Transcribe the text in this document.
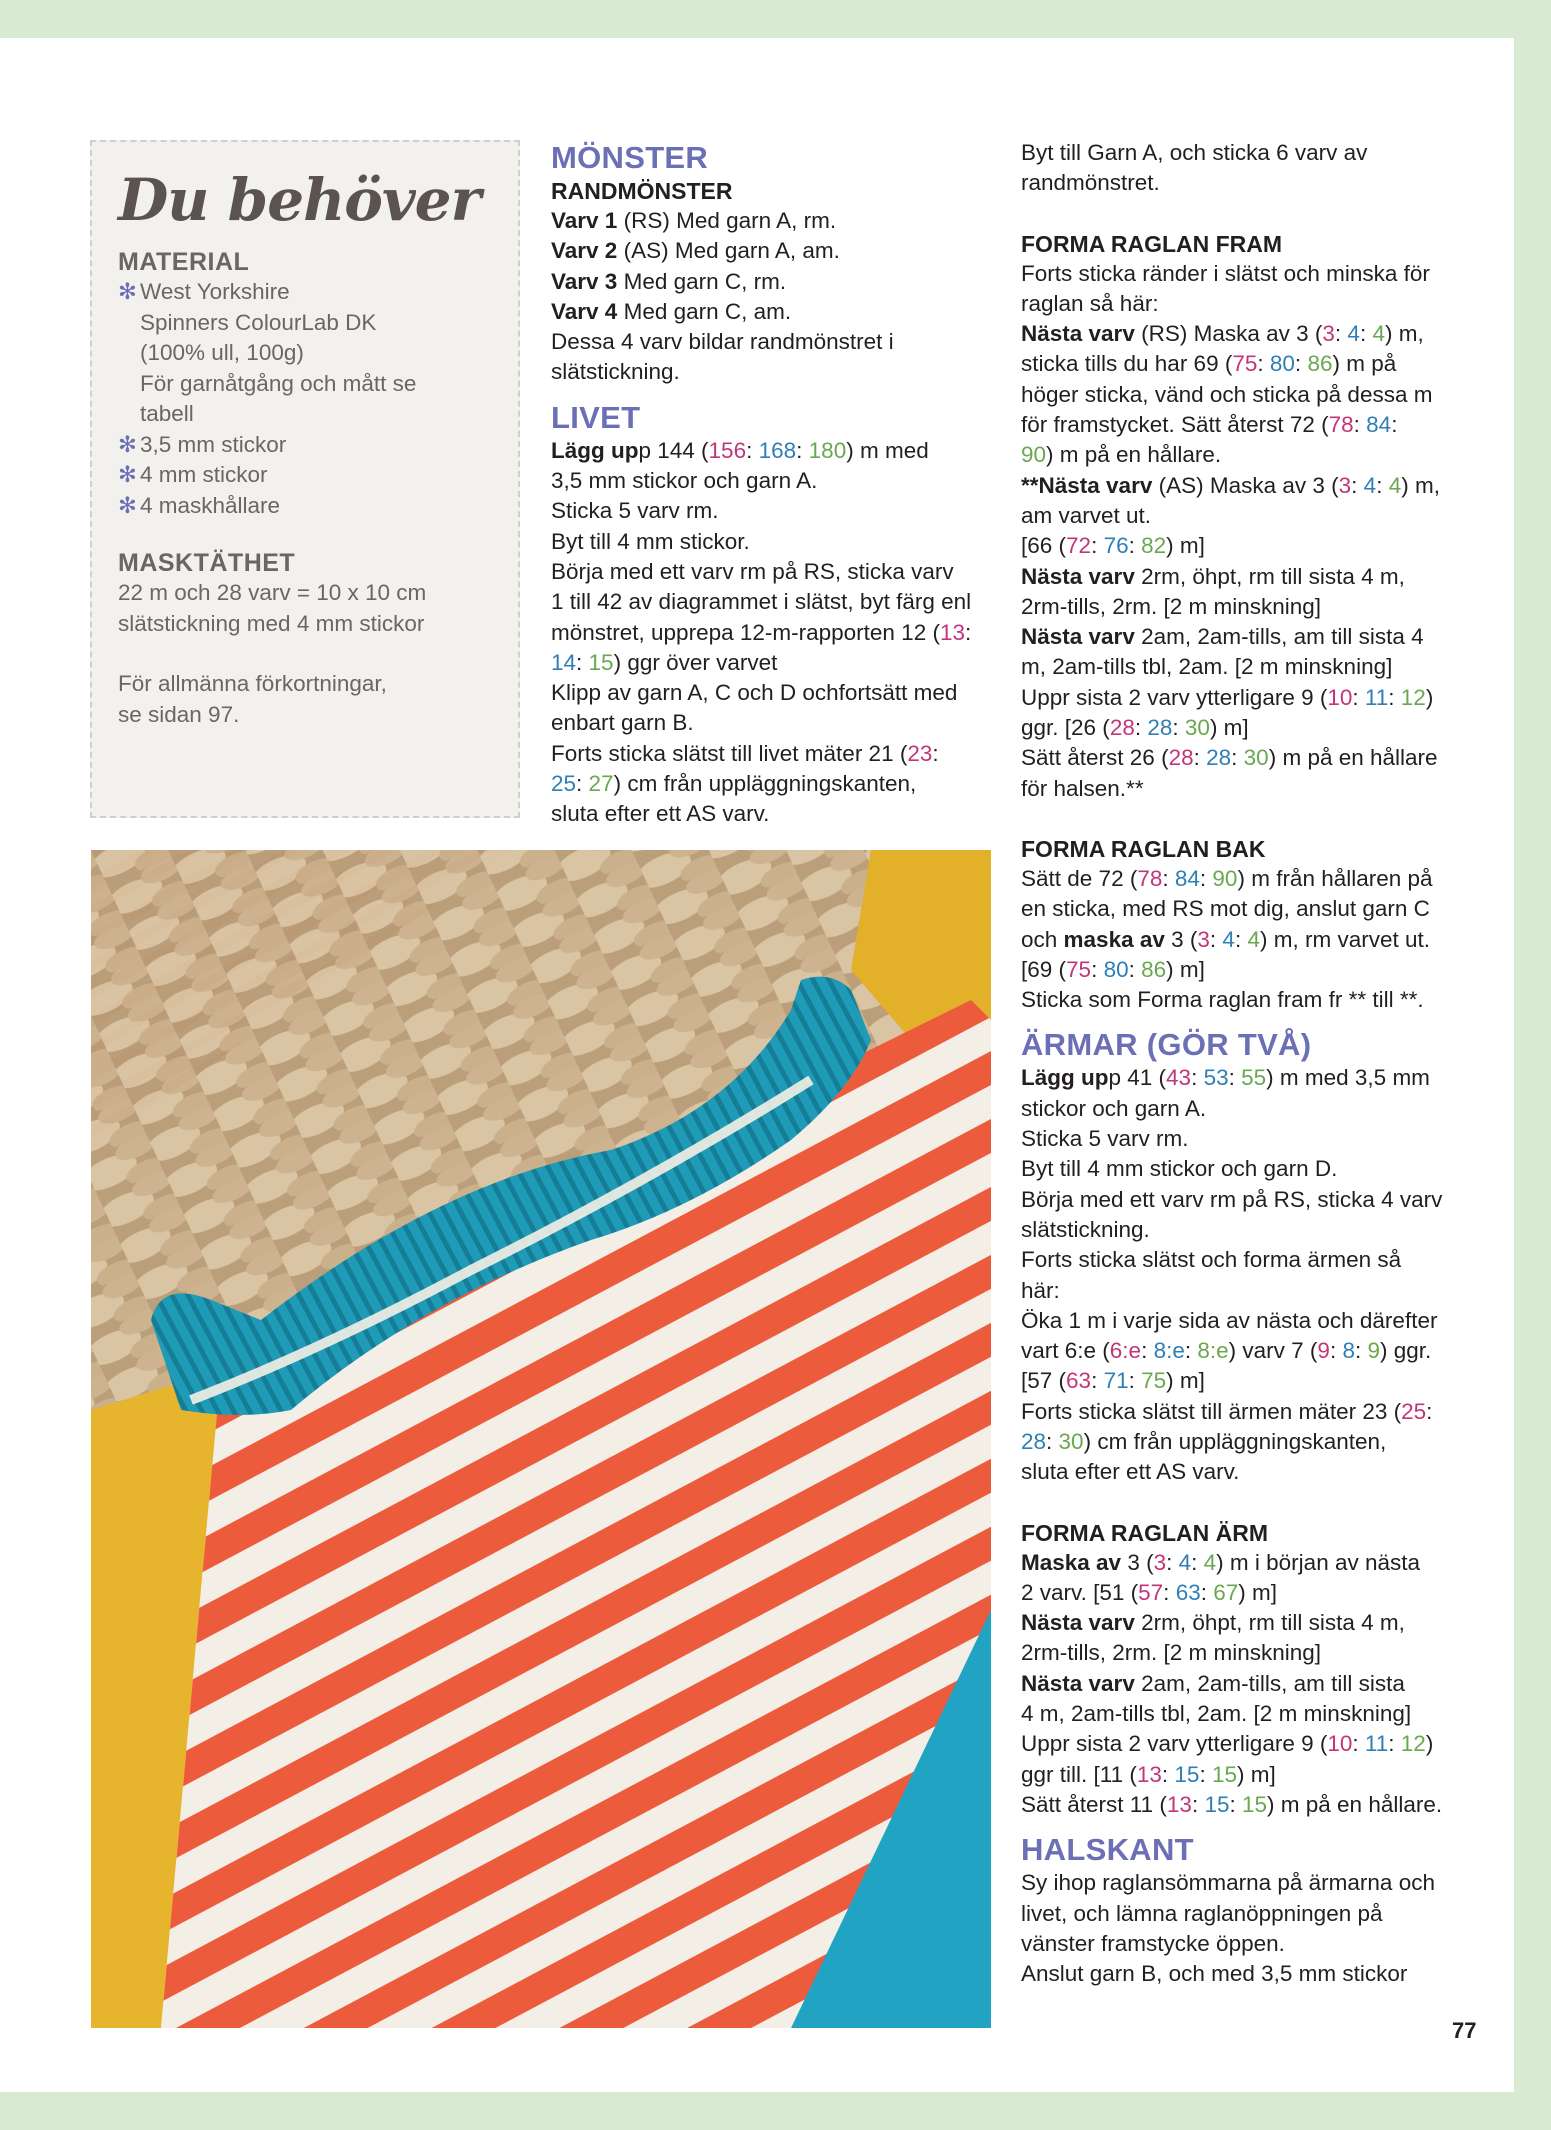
Du behöver
MATERIAL
✻ West Yorkshire
Spinners ColourLab DK
(100% ull, 100g)
För garnåtgång och mått se
tabell
✻ 3,5 mm stickor
✻ 4 mm stickor
✻ 4 maskhållare
MASKTÄTHET
22 m och 28 varv = 10 x 10 cm
slätstickning med 4 mm stickor
För allmänna förkortningar,
se sidan 97.
MÖNSTER
RANDMÖNSTER
Varv 1 (RS) Med garn A, rm.
Varv 2 (AS) Med garn A, am.
Varv 3 Med garn C, rm.
Varv 4 Med garn C, am.
Dessa 4 varv bildar randmönstret i
slätstickning.
LIVET
Lägg upp 144 (156: 168: 180) m med
3,5 mm stickor och garn A.
Sticka 5 varv rm.
Byt till 4 mm stickor.
Börja med ett varv rm på RS, sticka varv
1 till 42 av diagrammet i slätst, byt färg enl
mönstret, upprepa 12-m-rapporten 12 (13:
14: 15) ggr över varvet
Klipp av garn A, C och D ochfortsätt med
enbart garn B.
Forts sticka slätst till livet mäter 21 (23:
25: 27) cm från uppläggningskanten,
sluta efter ett AS varv.
Byt till Garn A, och sticka 6 varv av
randmönstret.
FORMA RAGLAN FRAM
Forts sticka ränder i slätst och minska för
raglan så här:
Nästa varv (RS) Maska av 3 (3: 4: 4) m,
sticka tills du har 69 (75: 80: 86) m på
höger sticka, vänd och sticka på dessa m
för framstycket. Sätt återst 72 (78: 84:
90) m på en hållare.
**Nästa varv (AS) Maska av 3 (3: 4: 4) m,
am varvet ut.
[66 (72: 76: 82) m]
Nästa varv 2rm, öhpt, rm till sista 4 m,
2rm-tills, 2rm. [2 m minskning]
Nästa varv 2am, 2am-tills, am till sista 4
m, 2am-tills tbl, 2am. [2 m minskning]
Uppr sista 2 varv ytterligare 9 (10: 11: 12)
ggr. [26 (28: 28: 30) m]
Sätt återst 26 (28: 28: 30) m på en hållare
för halsen.**
FORMA RAGLAN BAK
Sätt de 72 (78: 84: 90) m från hållaren på
en sticka, med RS mot dig, anslut garn C
och maska av 3 (3: 4: 4) m, rm varvet ut.
[69 (75: 80: 86) m]
Sticka som Forma raglan fram fr ** till **.
ÄRMAR (GÖR TVÅ)
Lägg upp 41 (43: 53: 55) m med 3,5 mm
stickor och garn A.
Sticka 5 varv rm.
Byt till 4 mm stickor och garn D.
Börja med ett varv rm på RS, sticka 4 varv
slätstickning.
Forts sticka slätst och forma ärmen så
här:
Öka 1 m i varje sida av nästa och därefter
vart 6:e (6:e: 8:e: 8:e) varv 7 (9: 8: 9) ggr.
[57 (63: 71: 75) m]
Forts sticka slätst till ärmen mäter 23 (25:
28: 30) cm från uppläggningskanten,
sluta efter ett AS varv.
FORMA RAGLAN ÄRM
Maska av 3 (3: 4: 4) m i början av nästa
2 varv. [51 (57: 63: 67) m]
Nästa varv 2rm, öhpt, rm till sista 4 m,
2rm-tills, 2rm. [2 m minskning]
Nästa varv 2am, 2am-tills, am till sista
4 m, 2am-tills tbl, 2am. [2 m minskning]
Uppr sista 2 varv ytterligare 9 (10: 11: 12)
ggr till. [11 (13: 15: 15) m]
Sätt återst 11 (13: 15: 15) m på en hållare.
HALSKANT
Sy ihop raglansömmarna på ärmarna och
livet, och lämna raglanöppningen på
vänster framstycke öppen.
Anslut garn B, och med 3,5 mm stickor
77
